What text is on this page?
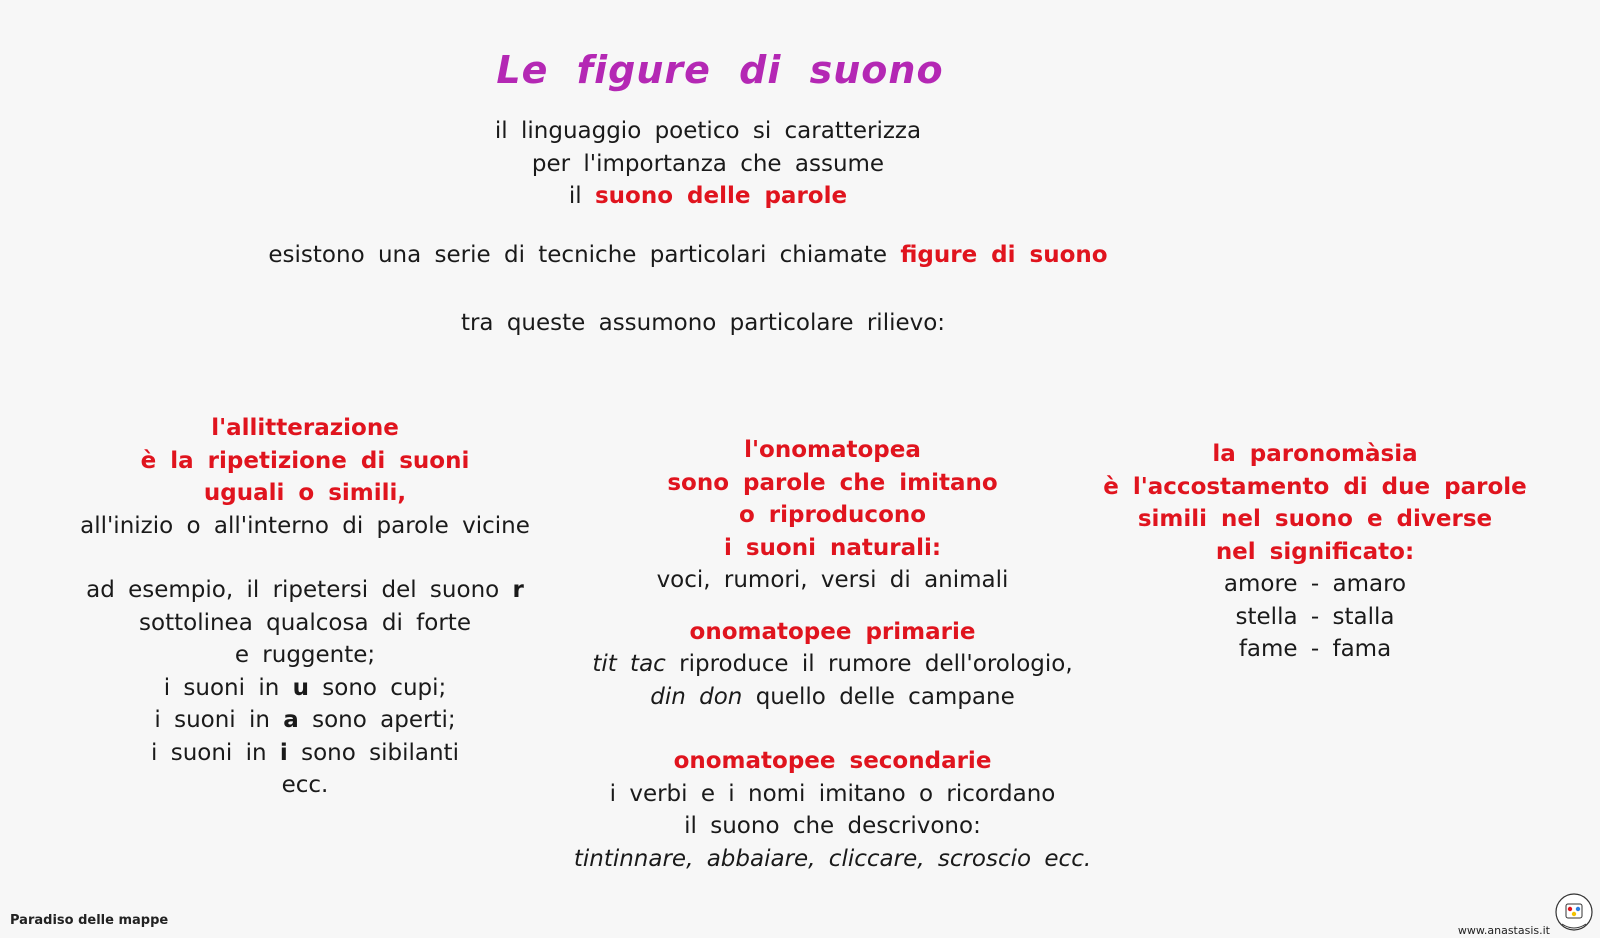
Le figure di suono
il linguaggio poetico si caratterizza
per l'importanza che assume
il suono delle parole
esistono una serie di tecniche particolari chiamate figure di suono
tra queste assumono particolare rilievo:
l'allitterazione
è la ripetizione di suoni
uguali o simili,
all'inizio o all'interno di parole vicine
ad esempio, il ripetersi del suono r
sottolinea qualcosa di forte
e ruggente;
i suoni in u sono cupi;
i suoni in a sono aperti;
i suoni in i sono sibilanti
ecc.
l'onomatopea
sono parole che imitano
o riproducono
i suoni naturali:
voci, rumori, versi di animali
onomatopee primarie
tit tac riproduce il rumore dell'orologio,
din don quello delle campane
onomatopee secondarie
i verbi e i nomi imitano o ricordano
il suono che descrivono:
tintinnare, abbaiare, cliccare, scroscio ecc.
la paronomàsia
è l'accostamento di due parole
simili nel suono e diverse
nel significato:
amore - amaro
stella - stalla
fame - fama
Paradiso delle mappe
www.anastasis.it
